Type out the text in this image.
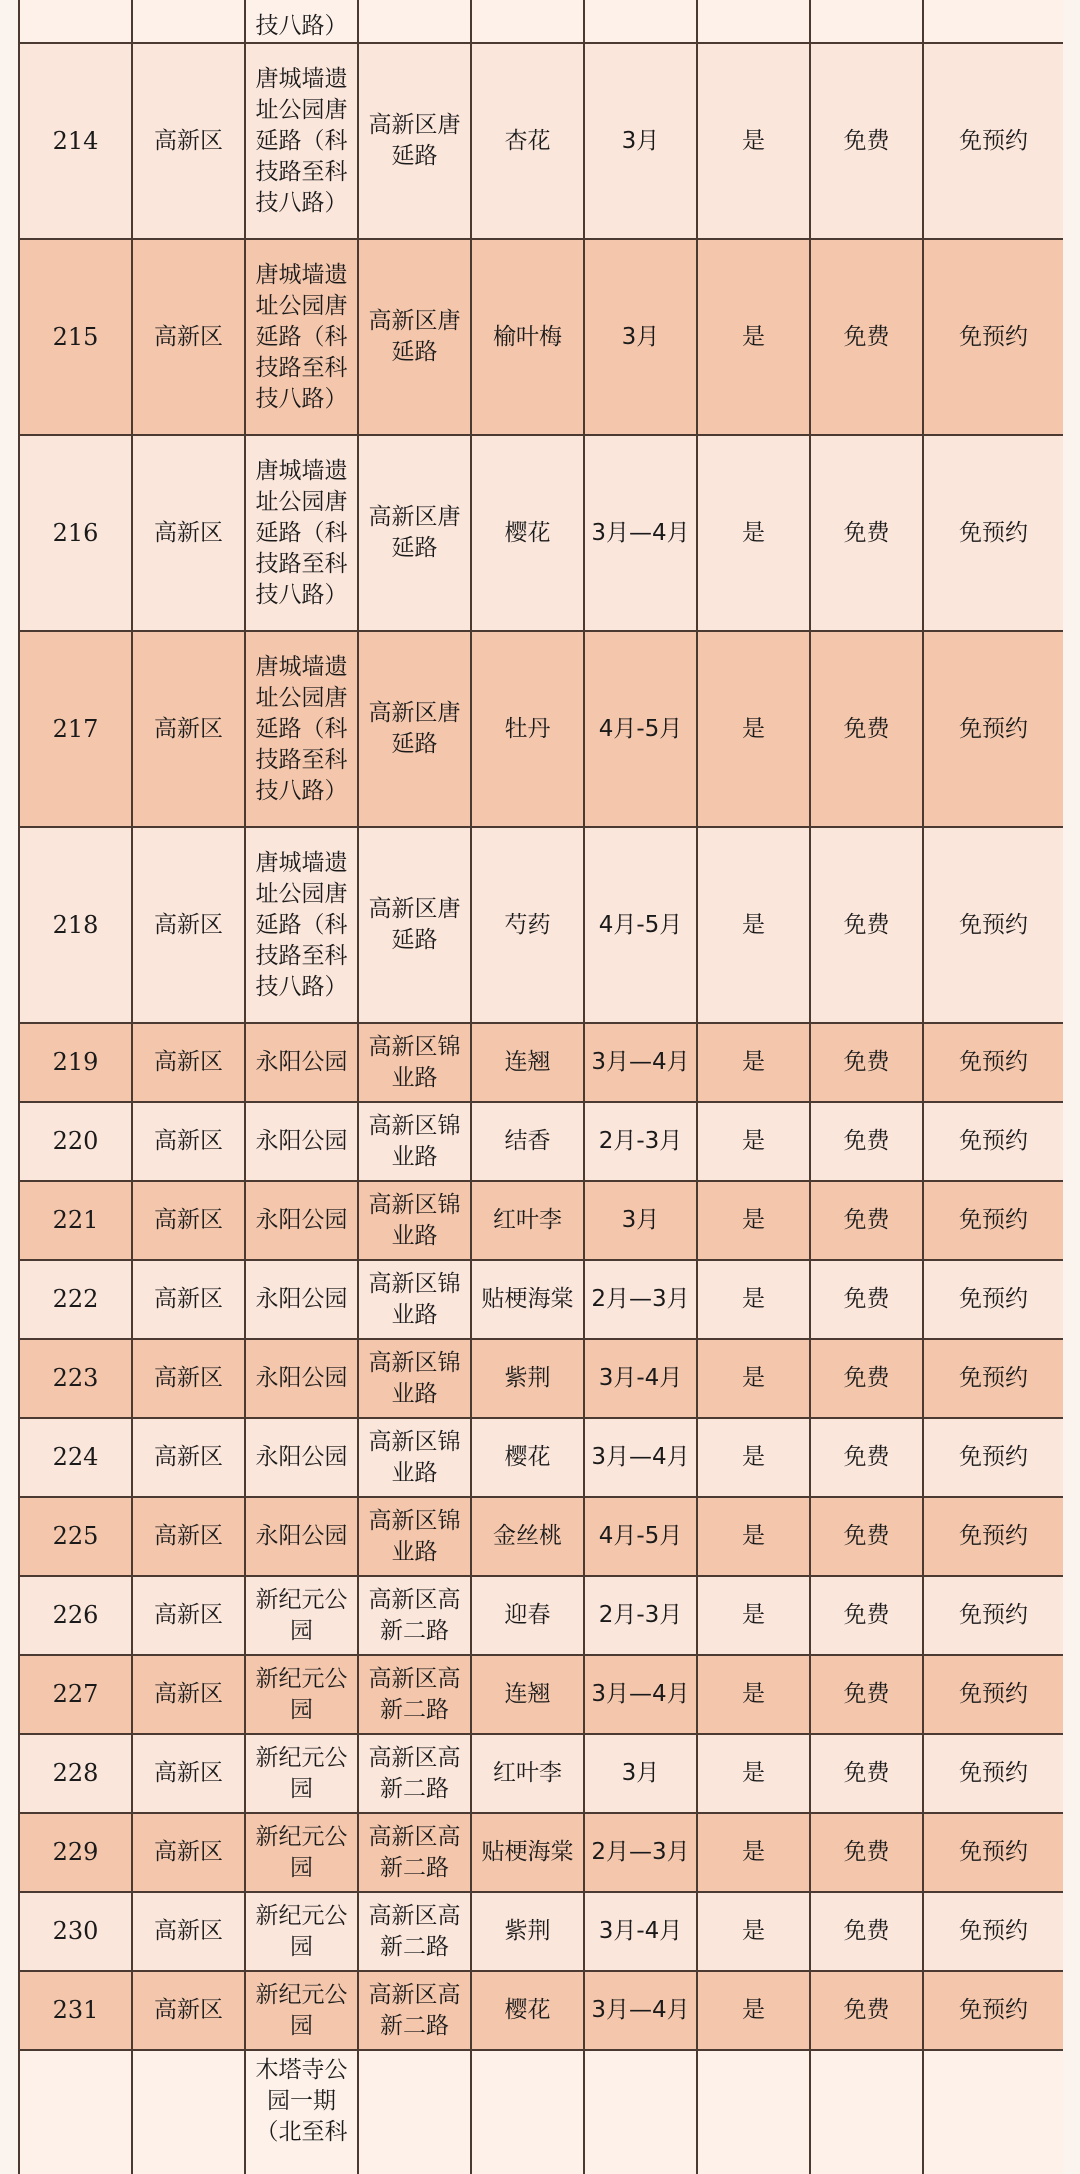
		技八路）						
214	高新区	唐城墙遗址公园唐延路（科技路至科技八路）	高新区唐延路	杏花	3月	是	免费	免预约
215	高新区	唐城墙遗址公园唐延路（科技路至科技八路）	高新区唐延路	榆叶梅	3月	是	免费	免预约
216	高新区	唐城墙遗址公园唐延路（科技路至科技八路）	高新区唐延路	樱花	3月—4月	是	免费	免预约
217	高新区	唐城墙遗址公园唐延路（科技路至科技八路）	高新区唐延路	牡丹	4月-5月	是	免费	免预约
218	高新区	唐城墙遗址公园唐延路（科技路至科技八路）	高新区唐延路	芍药	4月-5月	是	免费	免预约
219	高新区	永阳公园	高新区锦业路	连翘	3月—4月	是	免费	免预约
220	高新区	永阳公园	高新区锦业路	结香	2月-3月	是	免费	免预约
221	高新区	永阳公园	高新区锦业路	红叶李	3月	是	免费	免预约
222	高新区	永阳公园	高新区锦业路	贴梗海棠	2月—3月	是	免费	免预约
223	高新区	永阳公园	高新区锦业路	紫荆	3月-4月	是	免费	免预约
224	高新区	永阳公园	高新区锦业路	樱花	3月—4月	是	免费	免预约
225	高新区	永阳公园	高新区锦业路	金丝桃	4月-5月	是	免费	免预约
226	高新区	新纪元公园	高新区高新二路	迎春	2月-3月	是	免费	免预约
227	高新区	新纪元公园	高新区高新二路	连翘	3月—4月	是	免费	免预约
228	高新区	新纪元公园	高新区高新二路	红叶李	3月	是	免费	免预约
229	高新区	新纪元公园	高新区高新二路	贴梗海棠	2月—3月	是	免费	免预约
230	高新区	新纪元公园	高新区高新二路	紫荆	3月-4月	是	免费	免预约
231	高新区	新纪元公园	高新区高新二路	樱花	3月—4月	是	免费	免预约
		木塔寺公园一期（北至科						
